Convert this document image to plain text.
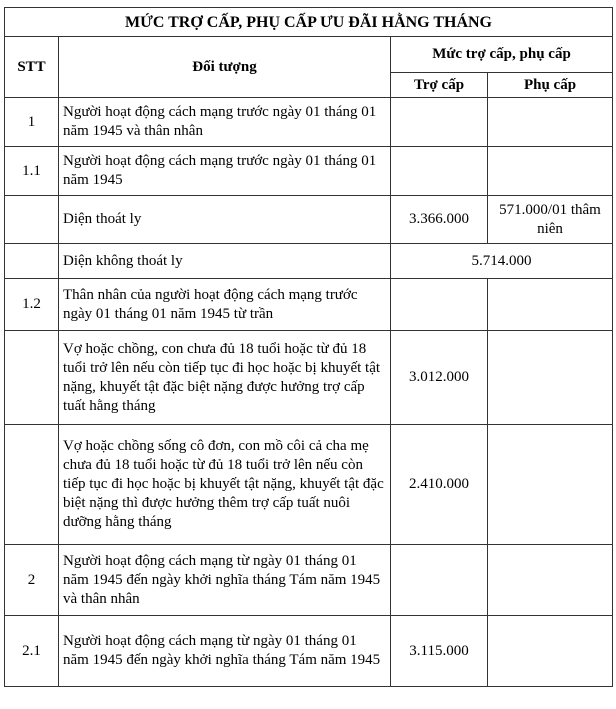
MỨC TRỢ CẤP, PHỤ CẤP ƯU ĐÃI HẰNG THÁNG			
STT	Đối tượng	Mức trợ cấp, phụ cấp	
		Trợ cấp	Phụ cấp
1	Người hoạt động cách mạng trước ngày 01 tháng 01 năm 1945 và thân nhân		
1.1	Người hoạt động cách mạng trước ngày 01 tháng 01 năm 1945		
	Diện thoát ly	3.366.000	571.000/01 thâm niên
	Diện không thoát ly	5.714.000	
1.2	Thân nhân của người hoạt động cách mạng trước ngày 01 tháng 01 năm 1945 từ trần		
	Vợ hoặc chồng, con chưa đủ 18 tuổi hoặc từ đủ 18 tuổi trở lên nếu còn tiếp tục đi học hoặc bị khuyết tật nặng, khuyết tật đặc biệt nặng được hưởng trợ cấp tuất hằng tháng	3.012.000	
	Vợ hoặc chồng sống cô đơn, con mồ côi cả cha mẹ chưa đủ 18 tuổi hoặc từ đủ 18 tuổi trở lên nếu còn tiếp tục đi học hoặc bị khuyết tật nặng, khuyết tật đặc biệt nặng thì được hưởng thêm trợ cấp tuất nuôi dưỡng hằng tháng	2.410.000	
2	Người hoạt động cách mạng từ ngày 01 tháng 01 năm 1945 đến ngày khởi nghĩa tháng Tám năm 1945 và thân nhân		
2.1	Người hoạt động cách mạng từ ngày 01 tháng 01 năm 1945 đến ngày khởi nghĩa tháng Tám năm 1945	3.115.000	
